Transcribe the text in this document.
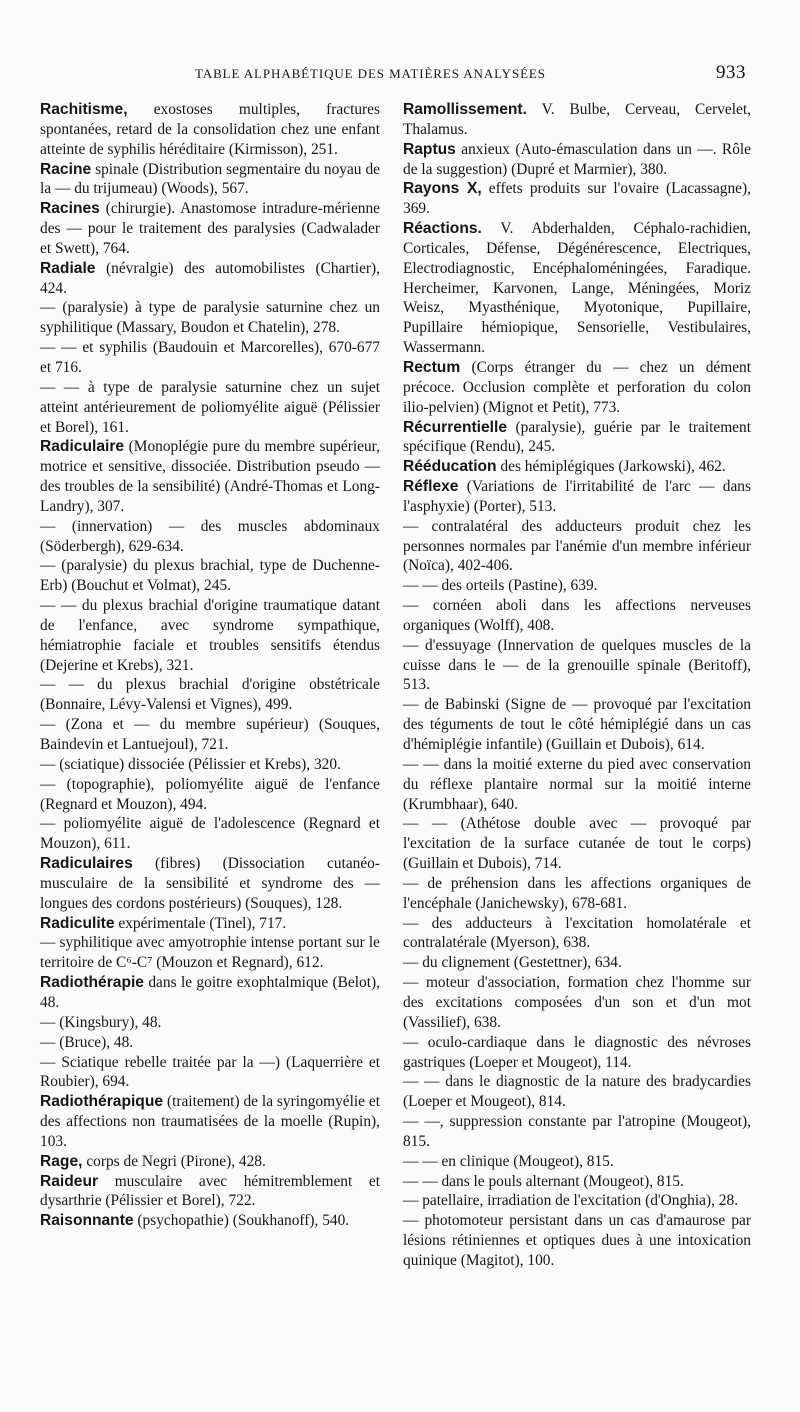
TABLE ALPHABÉTIQUE DES MATIÈRES ANALYSÉES	933

Rachitisme, exostoses multiples, fractures spontanées, retard de la consolidation chez une enfant atteinte de syphilis héréditaire (Kirmisson), 251.

Racine spinale (Distribution segmentaire du noyau de la — du trijumeau) (Woods), 567.

Racines (chirurgie). Anastomose intradure-mérienne des — pour le traitement des paralysies (Cadwalader et Swett), 764.

Radiale (névralgie) des automobilistes (Chartier), 424.

— (paralysie) à type de paralysie saturnine chez un syphilitique (Massary, Boudon et Chatelin), 278.

— — et syphilis (Baudouin et Marcorelles), 670-677 et 716.

— — à type de paralysie saturnine chez un sujet atteint antérieurement de poliomyélite aiguë (Pélissier et Borel), 161.

Radiculaire (Monoplégie pure du membre supérieur, motrice et sensitive, dissociée. Distribution pseudo — des troubles de la sensibilité) (André-Thomas et Long-Landry), 307.

— (innervation) — des muscles abdominaux (Söderbergh), 629-634.

— (paralysie) du plexus brachial, type de Duchenne-Erb) (Bouchut et Volmat), 245.

— — du plexus brachial d'origine traumatique datant de l'enfance, avec syndrome sympathique, hémiatrophie faciale et troubles sensitifs étendus (Dejerine et Krebs), 321.

— — du plexus brachial d'origine obstétricale (Bonnaire, Lévy-Valensi et Vignes), 499.

— (Zona et — du membre supérieur) (Souques, Baindevin et Lantuejoul), 721.

— (sciatique) dissociée (Pélissier et Krebs), 320.

— (topographie), poliomyélite aiguë de l'enfance (Regnard et Mouzon), 494.

— poliomyélite aiguë de l'adolescence (Regnard et Mouzon), 611.

Radiculaires (fibres) (Dissociation cutanéo-musculaire de la sensibilité et syndrome des — longues des cordons postérieurs) (Souques), 128.

Radiculite expérimentale (Tinel), 717.

— syphilitique avec amyotrophie intense portant sur le territoire de C⁶-C⁷ (Mouzon et Regnard), 612.

Radiothérapie dans le goitre exophtalmique (Belot), 48.

— (Kingsbury), 48.

— (Bruce), 48.

— Sciatique rebelle traitée par la —) (Laquerrière et Roubier), 694.

Radiothérapique (traitement) de la syringomyélie et des affections non traumatisées de la moelle (Rupin), 103.

Rage, corps de Negri (Pirone), 428.

Raideur musculaire avec hémitremblement et dysarthrie (Pélissier et Borel), 722.

Raisonnante (psychopathie) (Soukhanoff), 540.

Ramollissement. V. Bulbe, Cerveau, Cervelet, Thalamus.

Raptus anxieux (Auto-émasculation dans un —. Rôle de la suggestion) (Dupré et Marmier), 380.

Rayons X, effets produits sur l'ovaire (Lacassagne), 369.

Réactions. V. Abderhalden, Céphalo-rachidien, Corticales, Défense, Dégénérescence, Electriques, Electrodiagnostic, Encéphaloméningées, Faradique. Hercheimer, Karvonen, Lange, Méningées, Moriz Weisz, Myasthénique, Myotonique, Pupillaire, Pupillaire hémiopique, Sensorielle, Vestibulaires, Wassermann.

Rectum (Corps étranger du — chez un dément précoce. Occlusion complète et perforation du colon ilio-pelvien) (Mignot et Petit), 773.

Récurrentielle (paralysie), guérie par le traitement spécifique (Rendu), 245.

Rééducation des hémiplégiques (Jarkowski), 462.

Réflexe (Variations de l'irritabilité de l'arc — dans l'asphyxie) (Porter), 513.

— contralatéral des adducteurs produit chez les personnes normales par l'anémie d'un membre inférieur (Noïca), 402-406.

— — des orteils (Pastine), 639.

— cornéen aboli dans les affections nerveuses organiques (Wolff), 408.

— d'essuyage (Innervation de quelques muscles de la cuisse dans le — de la grenouille spinale (Beritoff), 513.

— de Babinski (Signe de — provoqué par l'excitation des téguments de tout le côté hémiplégié dans un cas d'hémiplégie infantile) (Guillain et Dubois), 614.

— — dans la moitié externe du pied avec conservation du réflexe plantaire normal sur la moitié interne (Krumbhaar), 640.

— — (Athétose double avec — provoqué par l'excitation de la surface cutanée de tout le corps) (Guillain et Dubois), 714.

— de préhension dans les affections organiques de l'encéphale (Janichewsky), 678-681.

— des adducteurs à l'excitation homolatérale et contralatérale (Myerson), 638.

— du clignement (Gestettner), 634.

— moteur d'association, formation chez l'homme sur des excitations composées d'un son et d'un mot (Vassilief), 638.

— oculo-cardiaque dans le diagnostic des névroses gastriques (Loeper et Mougeot), 114.

— — dans le diagnostic de la nature des bradycardies (Loeper et Mougeot), 814.

— —, suppression constante par l'atropine (Mougeot), 815.

— — en clinique (Mougeot), 815.

— — dans le pouls alternant (Mougeot), 815.

— patellaire, irradiation de l'excitation (d'Onghia), 28.

— photomoteur persistant dans un cas d'amaurose par lésions rétiniennes et optiques dues à une intoxication quinique (Magitot), 100.
